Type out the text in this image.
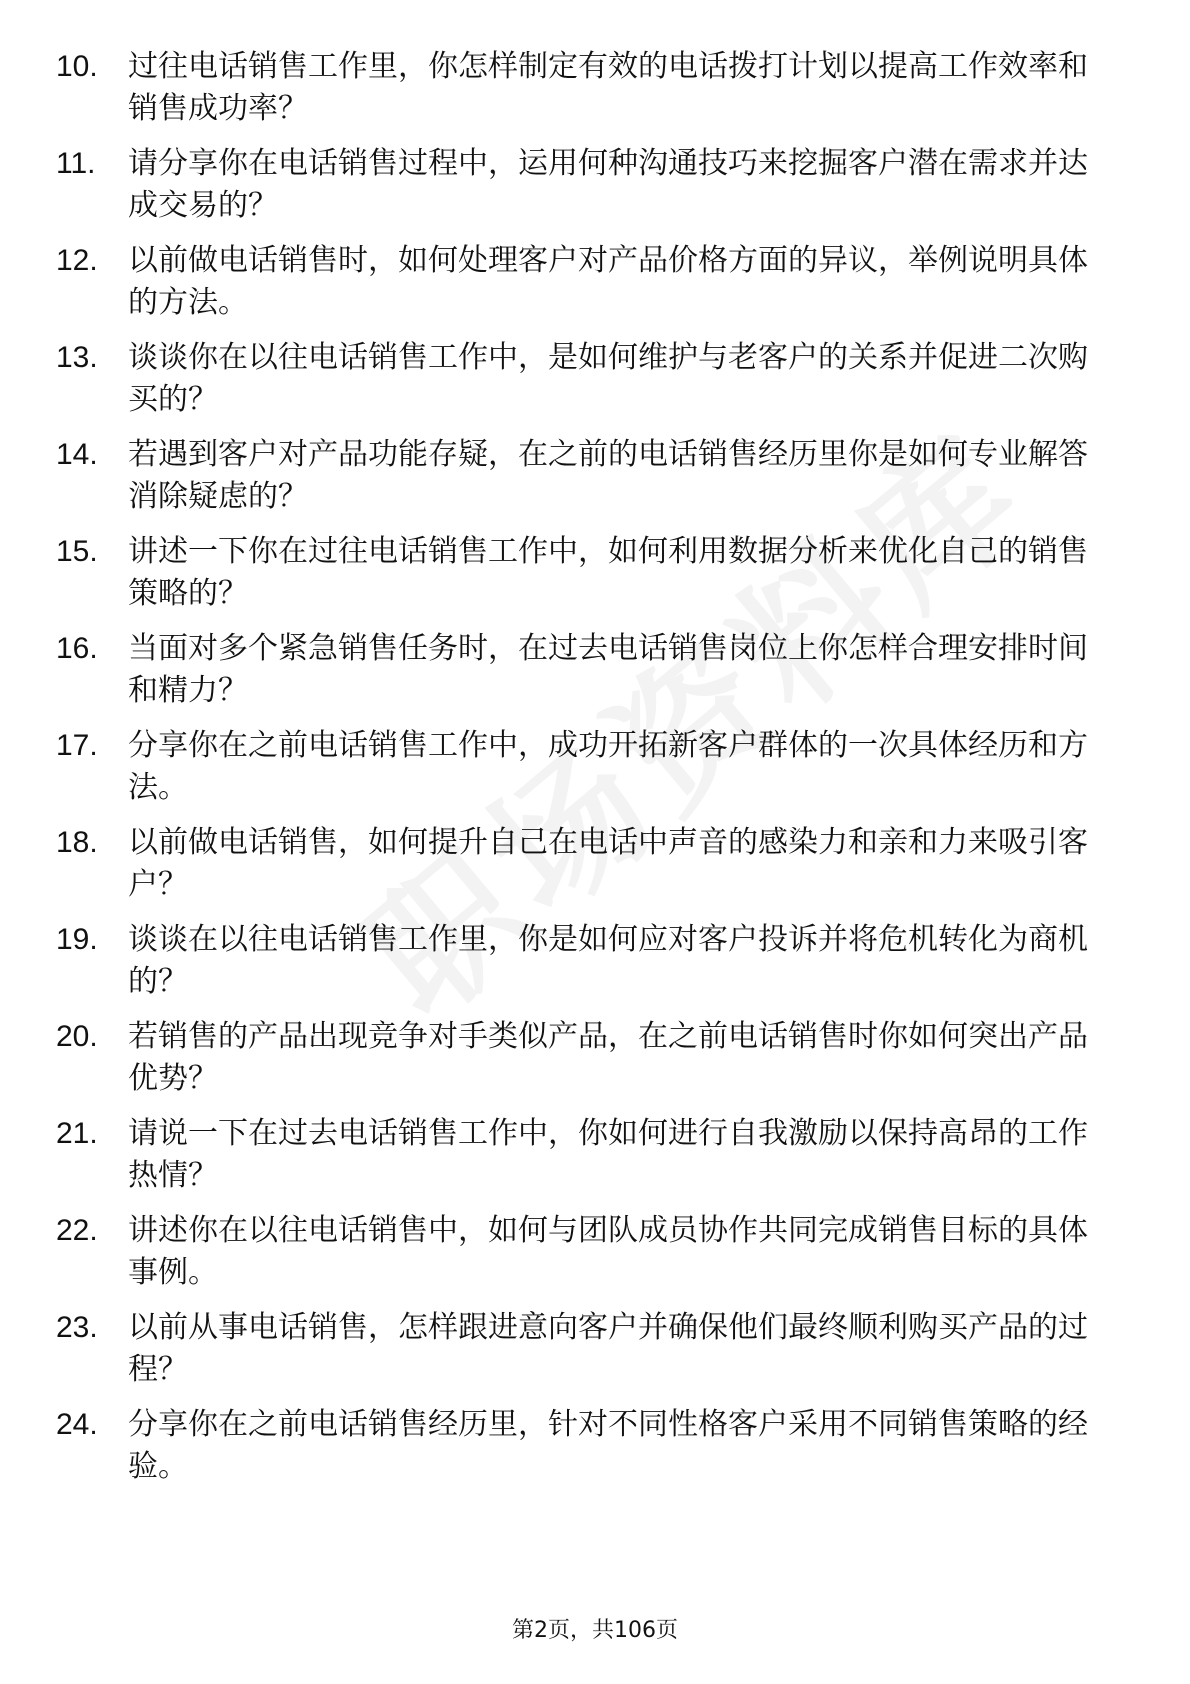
10.	过往电话销售工作里，你怎样制定有效的电话拨打计划以提高工作效率和销售成功率？
11.	请分享你在电话销售过程中，运用何种沟通技巧来挖掘客户潜在需求并达成交易的？
12.	以前做电话销售时，如何处理客户对产品价格方面的异议，举例说明具体的方法。
13.	谈谈你在以往电话销售工作中，是如何维护与老客户的关系并促进二次购买的？
14.	若遇到客户对产品功能存疑，在之前的电话销售经历里你是如何专业解答消除疑虑的？
15.	讲述一下你在过往电话销售工作中，如何利用数据分析来优化自己的销售策略的？
16.	当面对多个紧急销售任务时，在过去电话销售岗位上你怎样合理安排时间和精力？
17.	分享你在之前电话销售工作中，成功开拓新客户群体的一次具体经历和方法。
18.	以前做电话销售，如何提升自己在电话中声音的感染力和亲和力来吸引客户？
19.	谈谈在以往电话销售工作里，你是如何应对客户投诉并将危机转化为商机的？
20.	若销售的产品出现竞争对手类似产品，在之前电话销售时你如何突出产品优势？
21.	请说一下在过去电话销售工作中，你如何进行自我激励以保持高昂的工作热情？
22.	讲述你在以往电话销售中，如何与团队成员协作共同完成销售目标的具体事例。
23.	以前从事电话销售，怎样跟进意向客户并确保他们最终顺利购买产品的过程？
24.	分享你在之前电话销售经历里，针对不同性格客户采用不同销售策略的经验。
第2页，共106页
